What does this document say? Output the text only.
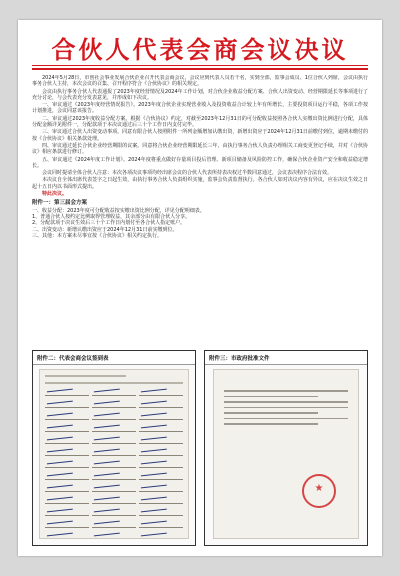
合伙人代表会商会议决议

2024年5月28日，市创社会事业发展合伙企业召开代表会商会议，会议应到代表人员若干名，实到全部，监事会成员、1位合伙人列席，会议由执行事务合伙人主持，本次会议的召集、召开程序符合《合伙协议》的相关规定。

会议由执行事务合伙人代表通报了2023年度经营情况及2024年工作计划，对合伙企业收益分配方案、合伙人出资变动、经营期限延长等事项进行了充分讨论，与会代表充分发表意见，并形成如下决议。

一、审议通过《2023年度经营情况报告》。2023年度合伙企业实现营业收入及投资收益合计较上年有所增长，主要投资项目运行平稳，各项工作按计划推进，会议同意该报告。

二、审议通过2023年度收益分配方案。根据《合伙协议》约定，对截至2023年12月31日的可分配收益按照各合伙人实缴出资比例进行分配，具体分配金额详见附件一，分配款项于本决议通过后三十个工作日内支付完毕。

三、审议通过合伙人出资变动事项。同意有限合伙人按照附件一所列金额增加认缴出资，新增出资应于2024年12月31日前缴付到位，逾期未缴付的按《合伙协议》相关条款处理。

四、审议通过延长合伙企业经营期限的议案。同意将合伙企业经营期限延长三年，由执行事务合伙人负责办理相关工商变更登记手续，并对《合伙协议》相应条款进行修订。

五、审议通过《2024年度工作计划》。2024年度将重点做好存量项目投后管理、新项目储备及风险防控工作，确保合伙企业资产安全和收益稳定增长。

会议同时提请全体合伙人注意：本次各项决议事项均经出席会议的合伙人代表所持表决权过半数同意通过，会议表决程序合法有效。

本决议自全体出席代表签字之日起生效，由执行事务合伙人负责组织实施，监事会负责监督执行。各合伙人如对决议内容有异议，应在决议生效之日起十五日内以书面形式提出。

特此决议。

附件一：第三届会方案
一、收益分配：2023年度可分配收益按实缴出资比例分配，详见分配明细表。
1、普通合伙人按约定比例取得管理收益，其余部分由有限合伙人分享。
2、分配款项于决议生效后三十个工作日内划付至各合伙人指定账户。
二、出资变动：新增认缴出资应于2024年12月31日前实缴到位。
三、其他：本方案未尽事宜按《合伙协议》相关约定执行。
附件二：代表会商会议签到表	附件三：市政府批准文件
★
